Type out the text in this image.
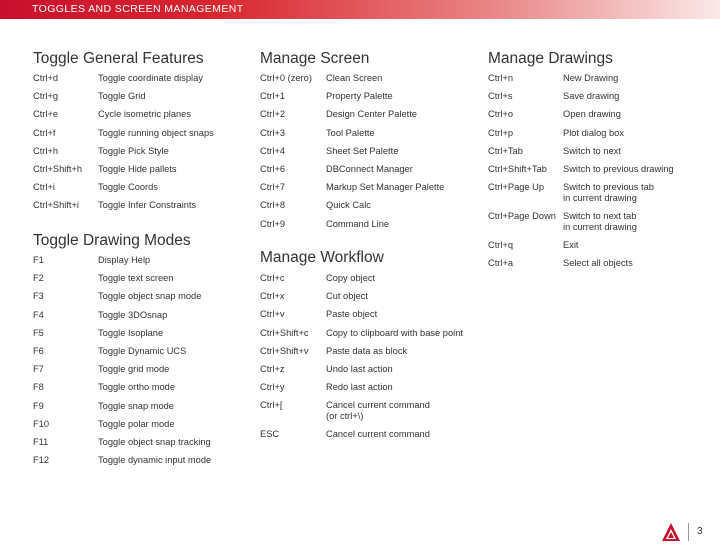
TOGGLES AND SCREEN MANAGEMENT
Toggle General Features
Ctrl+d	Toggle coordinate display
Ctrl+g	Toggle Grid
Ctrl+e	Cycle isometric planes
Ctrl+f	Toggle running object snaps
Ctrl+h	Toggle Pick Style
Ctrl+Shift+h Toggle Hide pallets
Ctrl+i	Toggle Coords
Ctrl+Shift+i Toggle Infer Constraints
Toggle Drawing Modes
F1	Display Help
F2	Toggle text screen
F3	Toggle object snap mode
F4	Toggle 3DOsnap
F5	Toggle Isoplane
F6	Toggle Dynamic UCS
F7	Toggle grid mode
F8	Toggle ortho mode
F9	Toggle snap mode
F10	Toggle polar mode
F11	Toggle object snap tracking
F12	Toggle dynamic input mode
Manage Screen
Ctrl+0 (zero) Clean Screen
Ctrl+1	Property Palette
Ctrl+2	Design Center Palette
Ctrl+3	Tool Palette
Ctrl+4	Sheet Set Palette
Ctrl+6	DBConnect Manager
Ctrl+7	Markup Set Manager Palette
Ctrl+8	Quick Calc
Ctrl+9	Command Line
Manage Workflow
Ctrl+c	Copy object
Ctrl+x	Cut object
Ctrl+v	Paste object
Ctrl+Shift+c Copy to clipboard with base point
Ctrl+Shift+v Paste data as block
Ctrl+z	Undo last action
Ctrl+y	Redo last action
Ctrl+[	Cancel current command
(or ctrl+\)
ESC	Cancel current command
Manage Drawings
Ctrl+n	New Drawing
Ctrl+s	Save drawing
Ctrl+o	Open drawing
Ctrl+p	Plot dialog box
Ctrl+Tab	Switch to next
Ctrl+Shift+Tab Switch to previous drawing
Ctrl+Page Up Switch to previous tab
in current drawing
Ctrl+Page Down Switch to next tab
in current drawing
Ctrl+q	Exit
Ctrl+a	Select all objects
3
